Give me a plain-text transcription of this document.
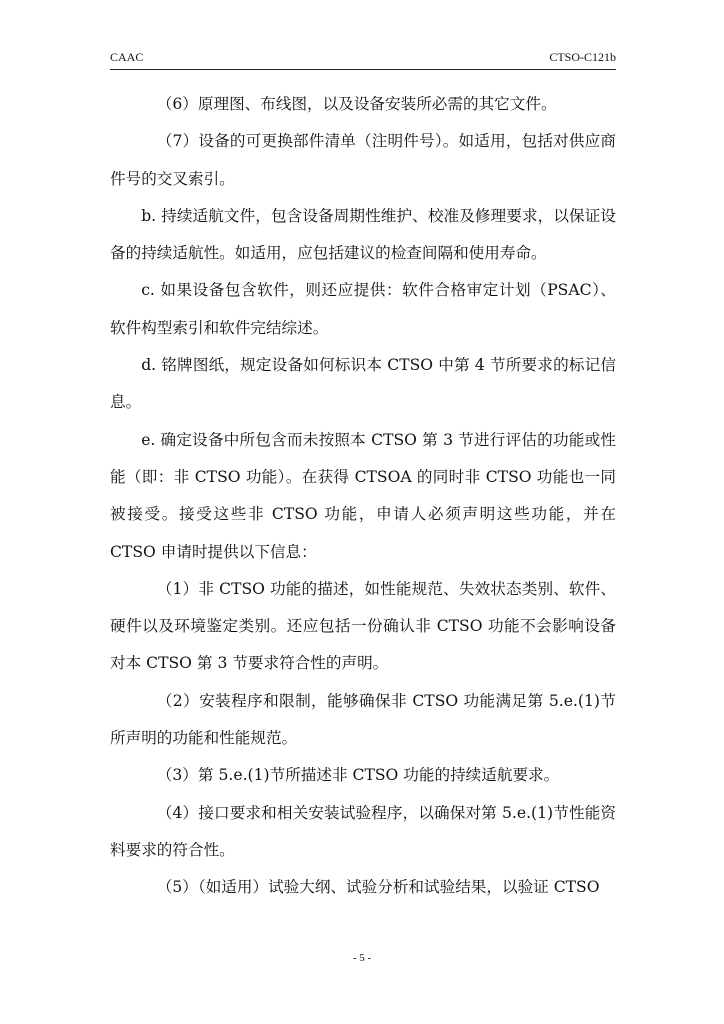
CAAC	CTSO-C121b

（6）原理图、布线图，以及设备安装所必需的其它文件。

（7）设备的可更换部件清单（注明件号）。如适用，包括对供应商件号的交叉索引。

b. 持续适航文件，包含设备周期性维护、校准及修理要求，以保证设备的持续适航性。如适用，应包括建议的检查间隔和使用寿命。

c. 如果设备包含软件，则还应提供：软件合格审定计划（PSAC）、软件构型索引和软件完结综述。

d. 铭牌图纸，规定设备如何标识本 CTSO 中第 4 节所要求的标记信息。

e. 确定设备中所包含而未按照本 CTSO 第 3 节进行评估的功能或性能（即：非 CTSO 功能）。在获得 CTSOA 的同时非 CTSO 功能也一同被接受。接受这些非 CTSO 功能，申请人必须声明这些功能，并在 CTSO 申请时提供以下信息：

（1）非 CTSO 功能的描述，如性能规范、失效状态类别、软件、硬件以及环境鉴定类别。还应包括一份确认非 CTSO 功能不会影响设备对本 CTSO 第 3 节要求符合性的声明。

（2）安装程序和限制，能够确保非 CTSO 功能满足第 5.e.(1)节所声明的功能和性能规范。

（3）第 5.e.(1)节所描述非 CTSO 功能的持续适航要求。

（4）接口要求和相关安装试验程序，以确保对第 5.e.(1)节性能资料要求的符合性。

（5）（如适用）试验大纲、试验分析和试验结果，以验证 CTSO

- 5 -
